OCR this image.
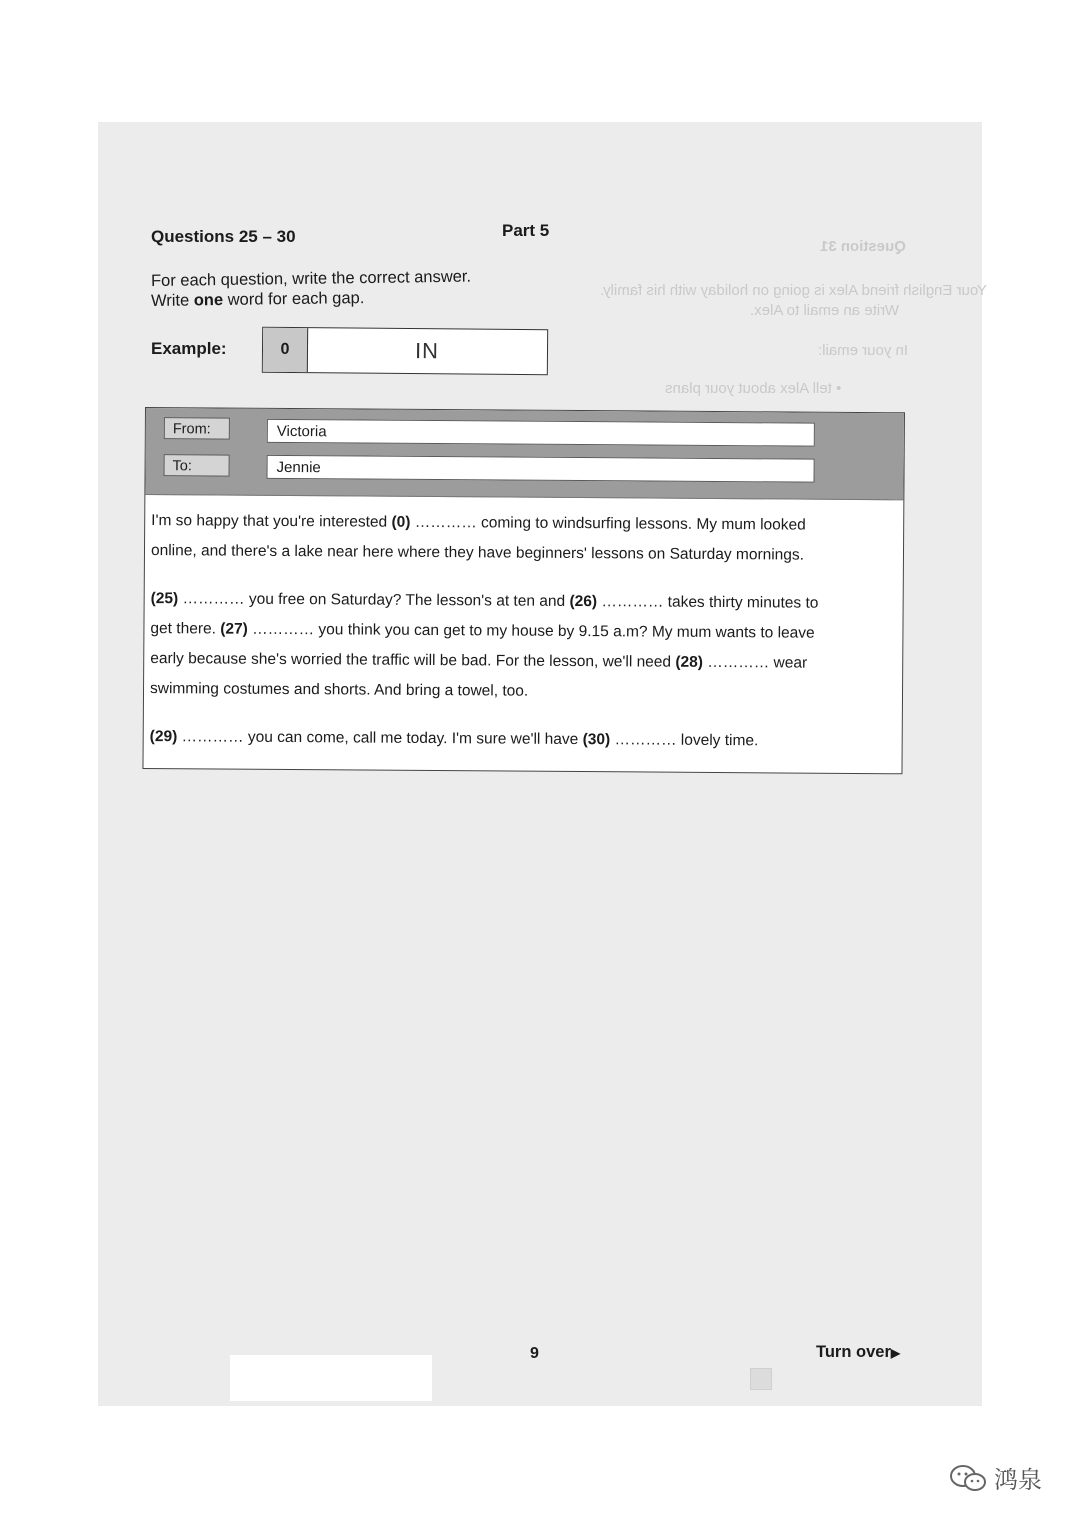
Question 31
Your English friend Alex is going on holiday with his family.
Write an email to Alex.
In your email:
• tell Alex about your plans
Questions 25 – 30	Part 5
For each question, write the correct answer.
Write one word for each gap.
Example:	0	IN
From:	Victoria
To:	Jennie
I'm so happy that you're interested (0) ………… coming to windsurfing lessons. My mum looked
online, and there's a lake near here where they have beginners' lessons on Saturday mornings.
(25) ………… you free on Saturday? The lesson's at ten and (26) ………… takes thirty minutes to
get there. (27) ………… you think you can get to my house by 9.15 a.m? My mum wants to leave
early because she's worried the traffic will be bad. For the lesson, we'll need (28) ………… wear
swimming costumes and shorts. And bring a towel, too.
(29) ………… you can come, call me today. I'm sure we'll have (30) ………… lovely time.
9	Turn over▶
鸿泉
